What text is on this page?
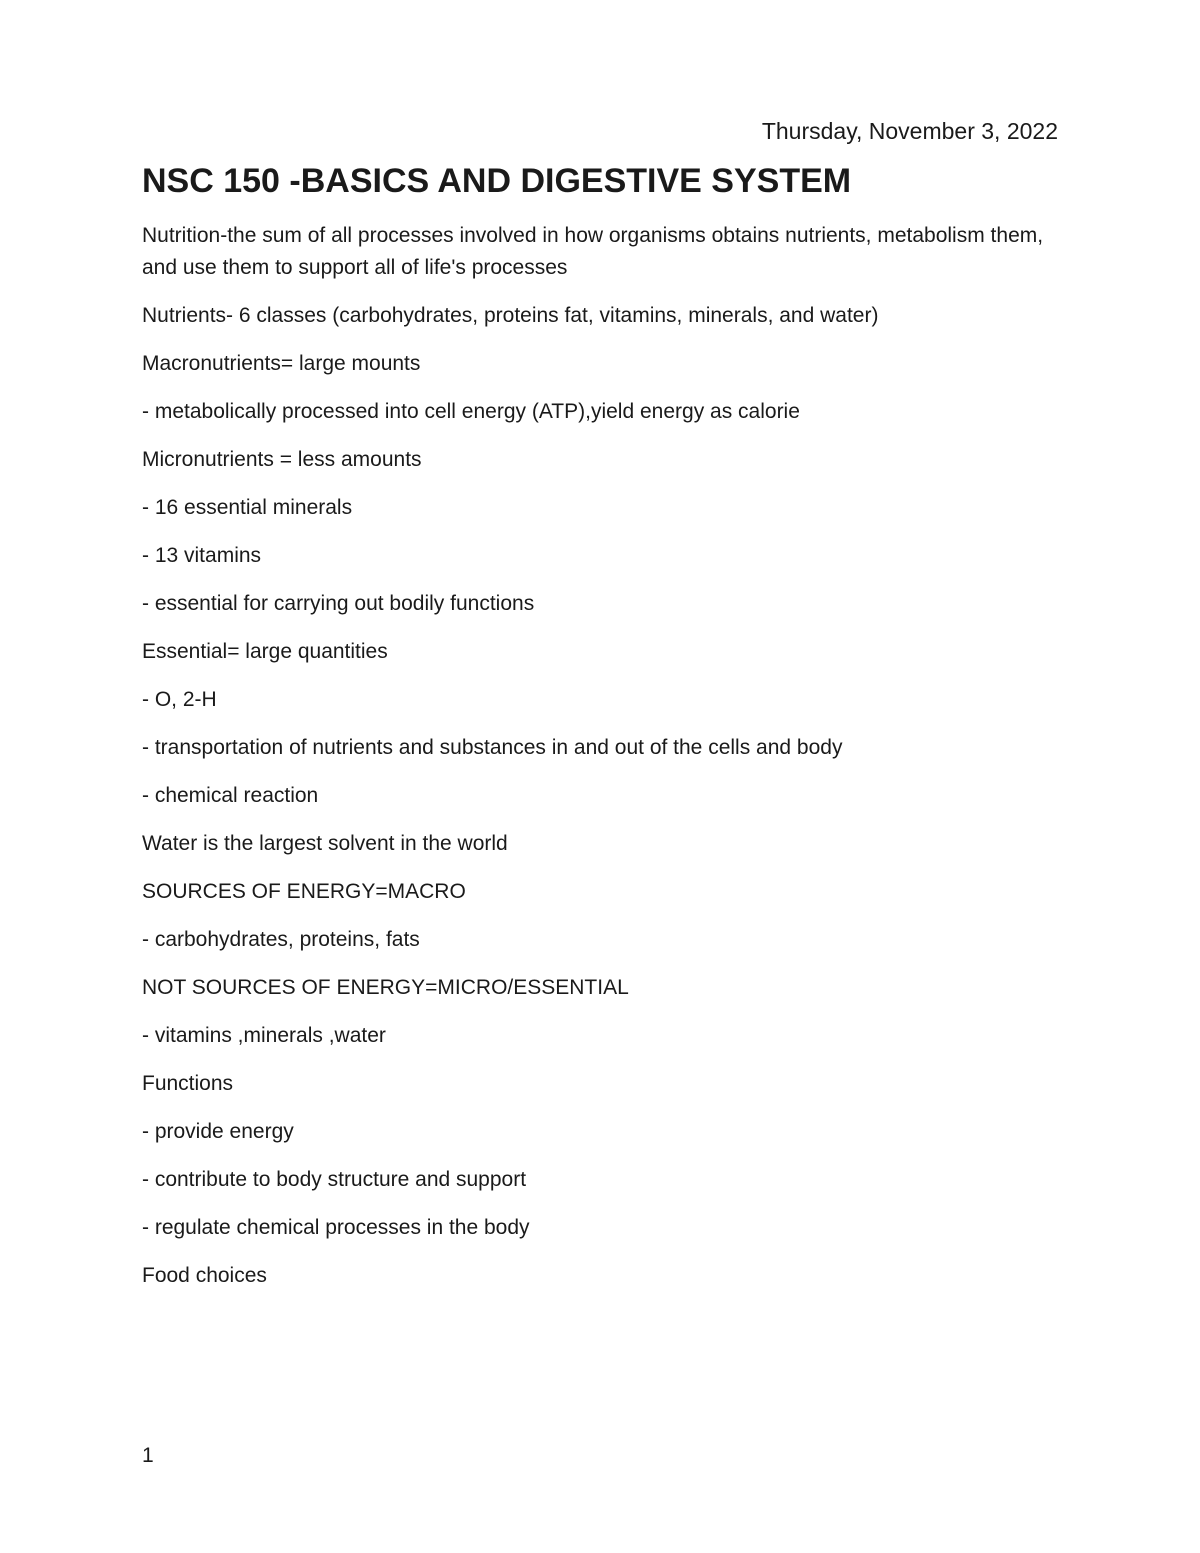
Thursday, November 3, 2022
NSC 150 -BASICS AND DIGESTIVE SYSTEM

Nutrition-the sum of all processes involved in how organisms obtains nutrients, metabolism them, and use them to support all of life's processes

Nutrients- 6 classes (carbohydrates, proteins fat, vitamins, minerals, and water)

Macronutrients= large mounts

- metabolically processed into cell energy (ATP),yield energy as calorie

Micronutrients = less amounts

- 16 essential minerals

- 13 vitamins

- essential for carrying out bodily functions

Essential= large quantities

- O, 2-H

- transportation of nutrients and substances in and out of the cells and body

- chemical reaction

Water is the largest solvent in the world

SOURCES OF ENERGY=MACRO

- carbohydrates, proteins, fats

NOT SOURCES OF ENERGY=MICRO/ESSENTIAL

- vitamins ,minerals ,water

Functions

- provide energy

- contribute to body structure and support

- regulate chemical processes in the body

Food choices

1
